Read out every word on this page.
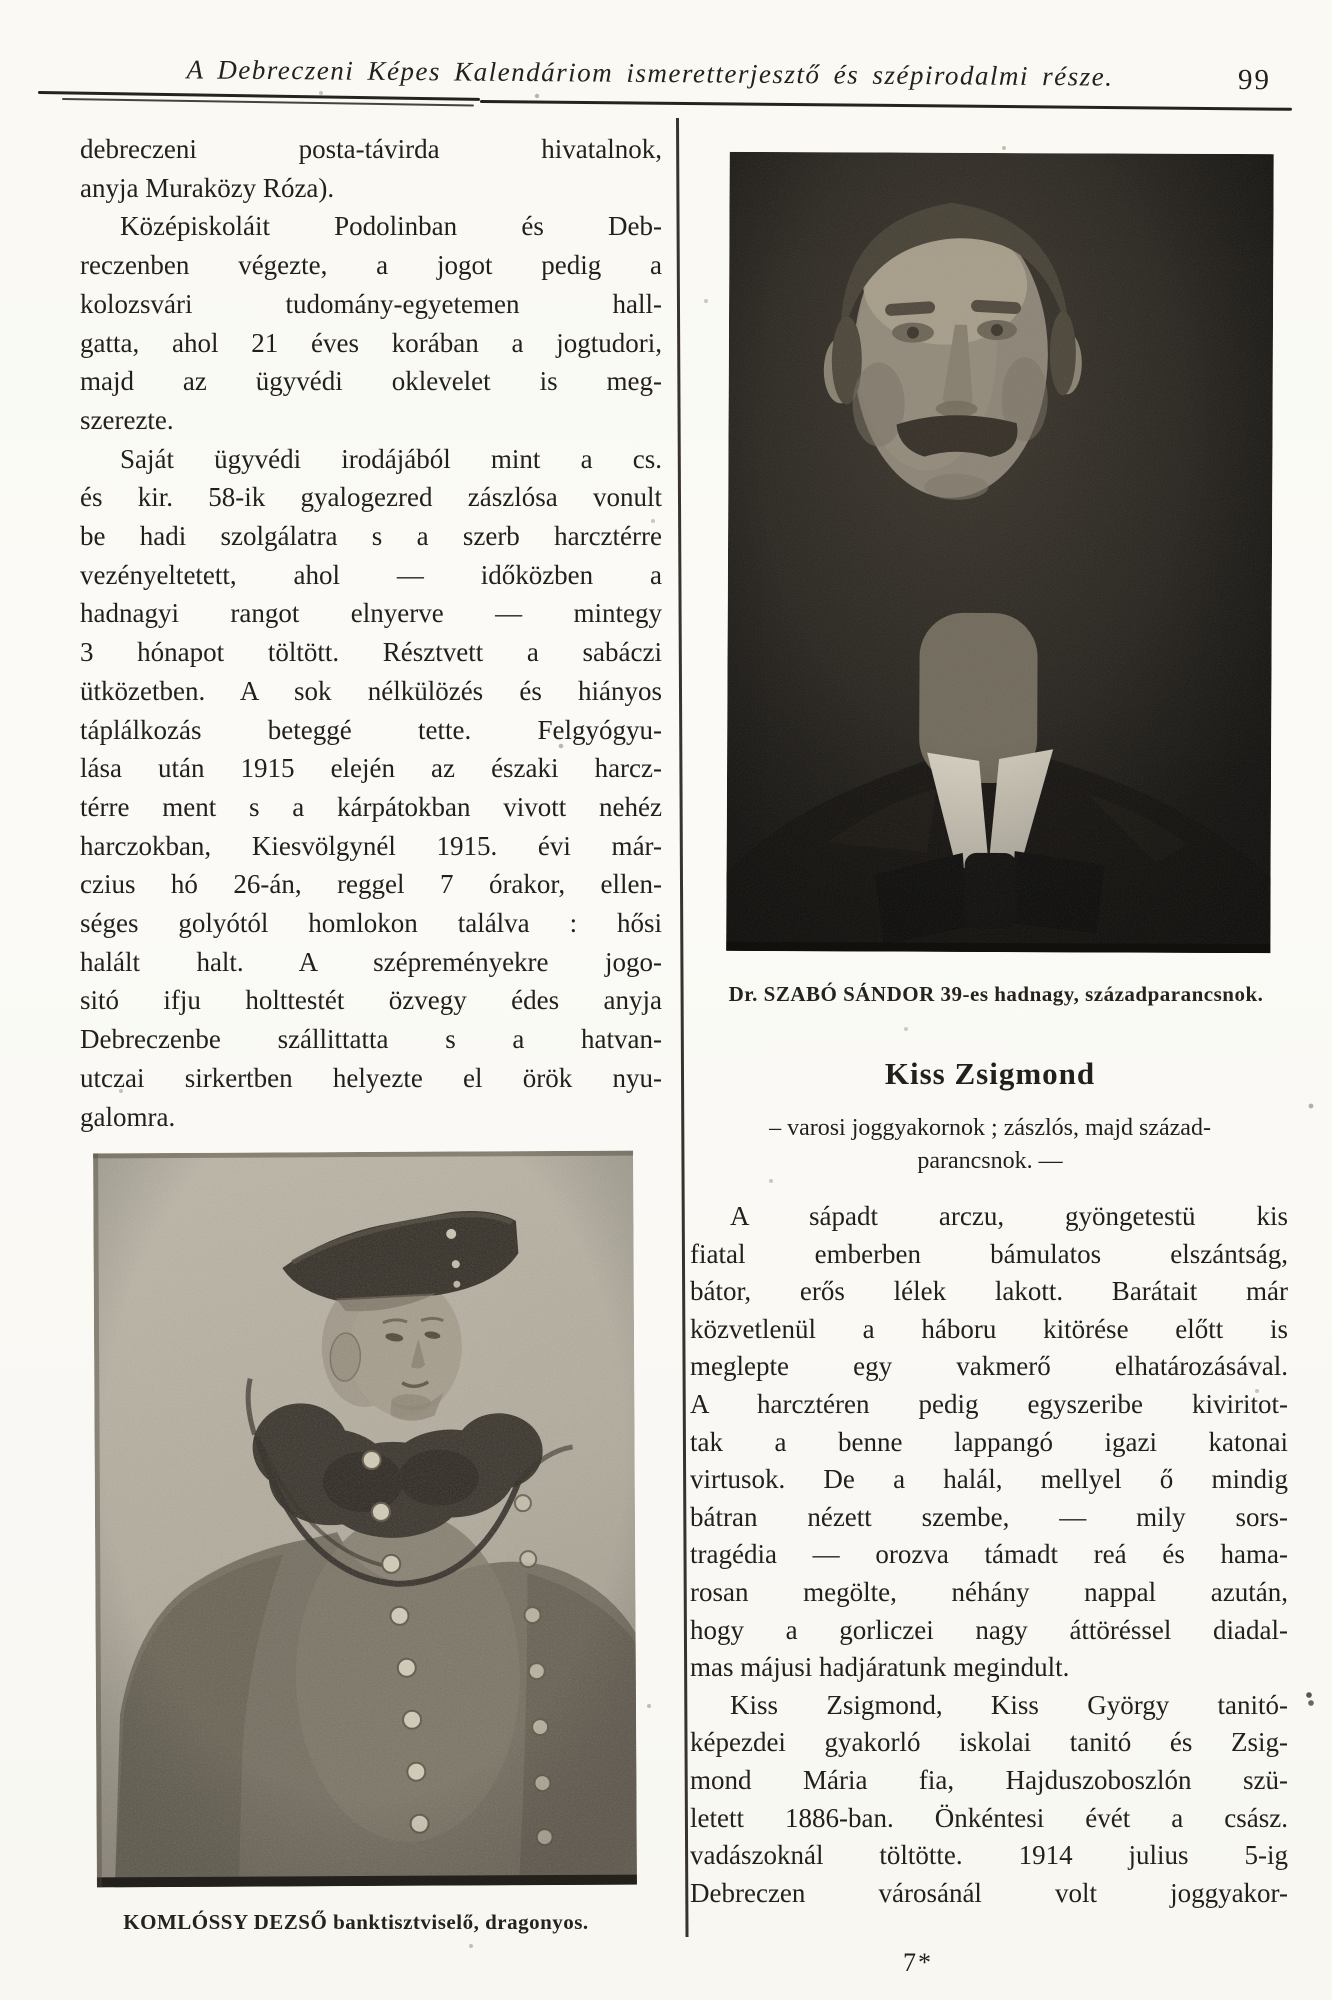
A Debreczeni Képes Kalendáriom ismeretterjesztő és szépirodalmi része.	99
debreczeni posta-távirda hivatalnok,
anyja Muraközy Róza).
Középiskoláit Podolinban és Deb-
reczenben végezte, a jogot pedig a
kolozsvári tudomány-egyetemen hall-
gatta, ahol 21 éves korában a jogtudori,
majd az ügyvédi oklevelet is meg-
szerezte.
Saját ügyvédi irodájából mint a cs.
és kir. 58-ik gyalogezred zászlósa vonult
be hadi szolgálatra s a szerb harcztérre
vezényeltetett, ahol — időközben a
hadnagyi rangot elnyerve — mintegy
3 hónapot töltött. Résztvett a sabáczi
ütközetben. A sok nélkülözés és hiányos
táplálkozás beteggé tette. Felgyógyu-
lása után 1915 elején az északi harcz-
térre ment s a kárpátokban vivott nehéz
harczokban, Kiesvölgynél 1915. évi már-
czius hó 26-án, reggel 7 órakor, ellen-
séges golyótól homlokon találva : hősi
halált halt. A szépreményekre jogo-
sitó ifju holttestét özvegy édes anyja
Debreczenbe szállittatta s a hatvan-
utczai sirkertben helyezte el örök nyu-
galomra.
Dr. SZABÓ SÁNDOR 39-es hadnagy, századparancsnok.
Kiss Zsigmond
– varosi joggyakornok ; zászlós, majd század-
parancsnok. —
A sápadt arczu, gyöngetestü kis
fiatal emberben bámulatos elszántság,
bátor, erős lélek lakott. Barátait már
közvetlenül a háboru kitörése előtt is
meglepte egy vakmerő elhatározásával.
A harcztéren pedig egyszeribe kiviritot-
tak a benne lappangó igazi katonai
virtusok. De a halál, mellyel ő mindig
bátran nézett szembe, — mily sors-
tragédia — orozva támadt reá és hama-
rosan megölte, néhány nappal azután,
hogy a gorliczei nagy áttöréssel diadal-
mas májusi hadjáratunk megindult.
Kiss Zsigmond, Kiss György tanitó-
képezdei gyakorló iskolai tanitó és Zsig-
mond Mária fia, Hajduszoboszlón szü-
letett 1886-ban. Önkéntesi évét a csász.
vadászoknál töltötte. 1914 julius 5-ig
Debreczen városánál volt joggyakor-
KOMLÓSSY DEZSŐ banktisztviselő, dragonyos.
7*
